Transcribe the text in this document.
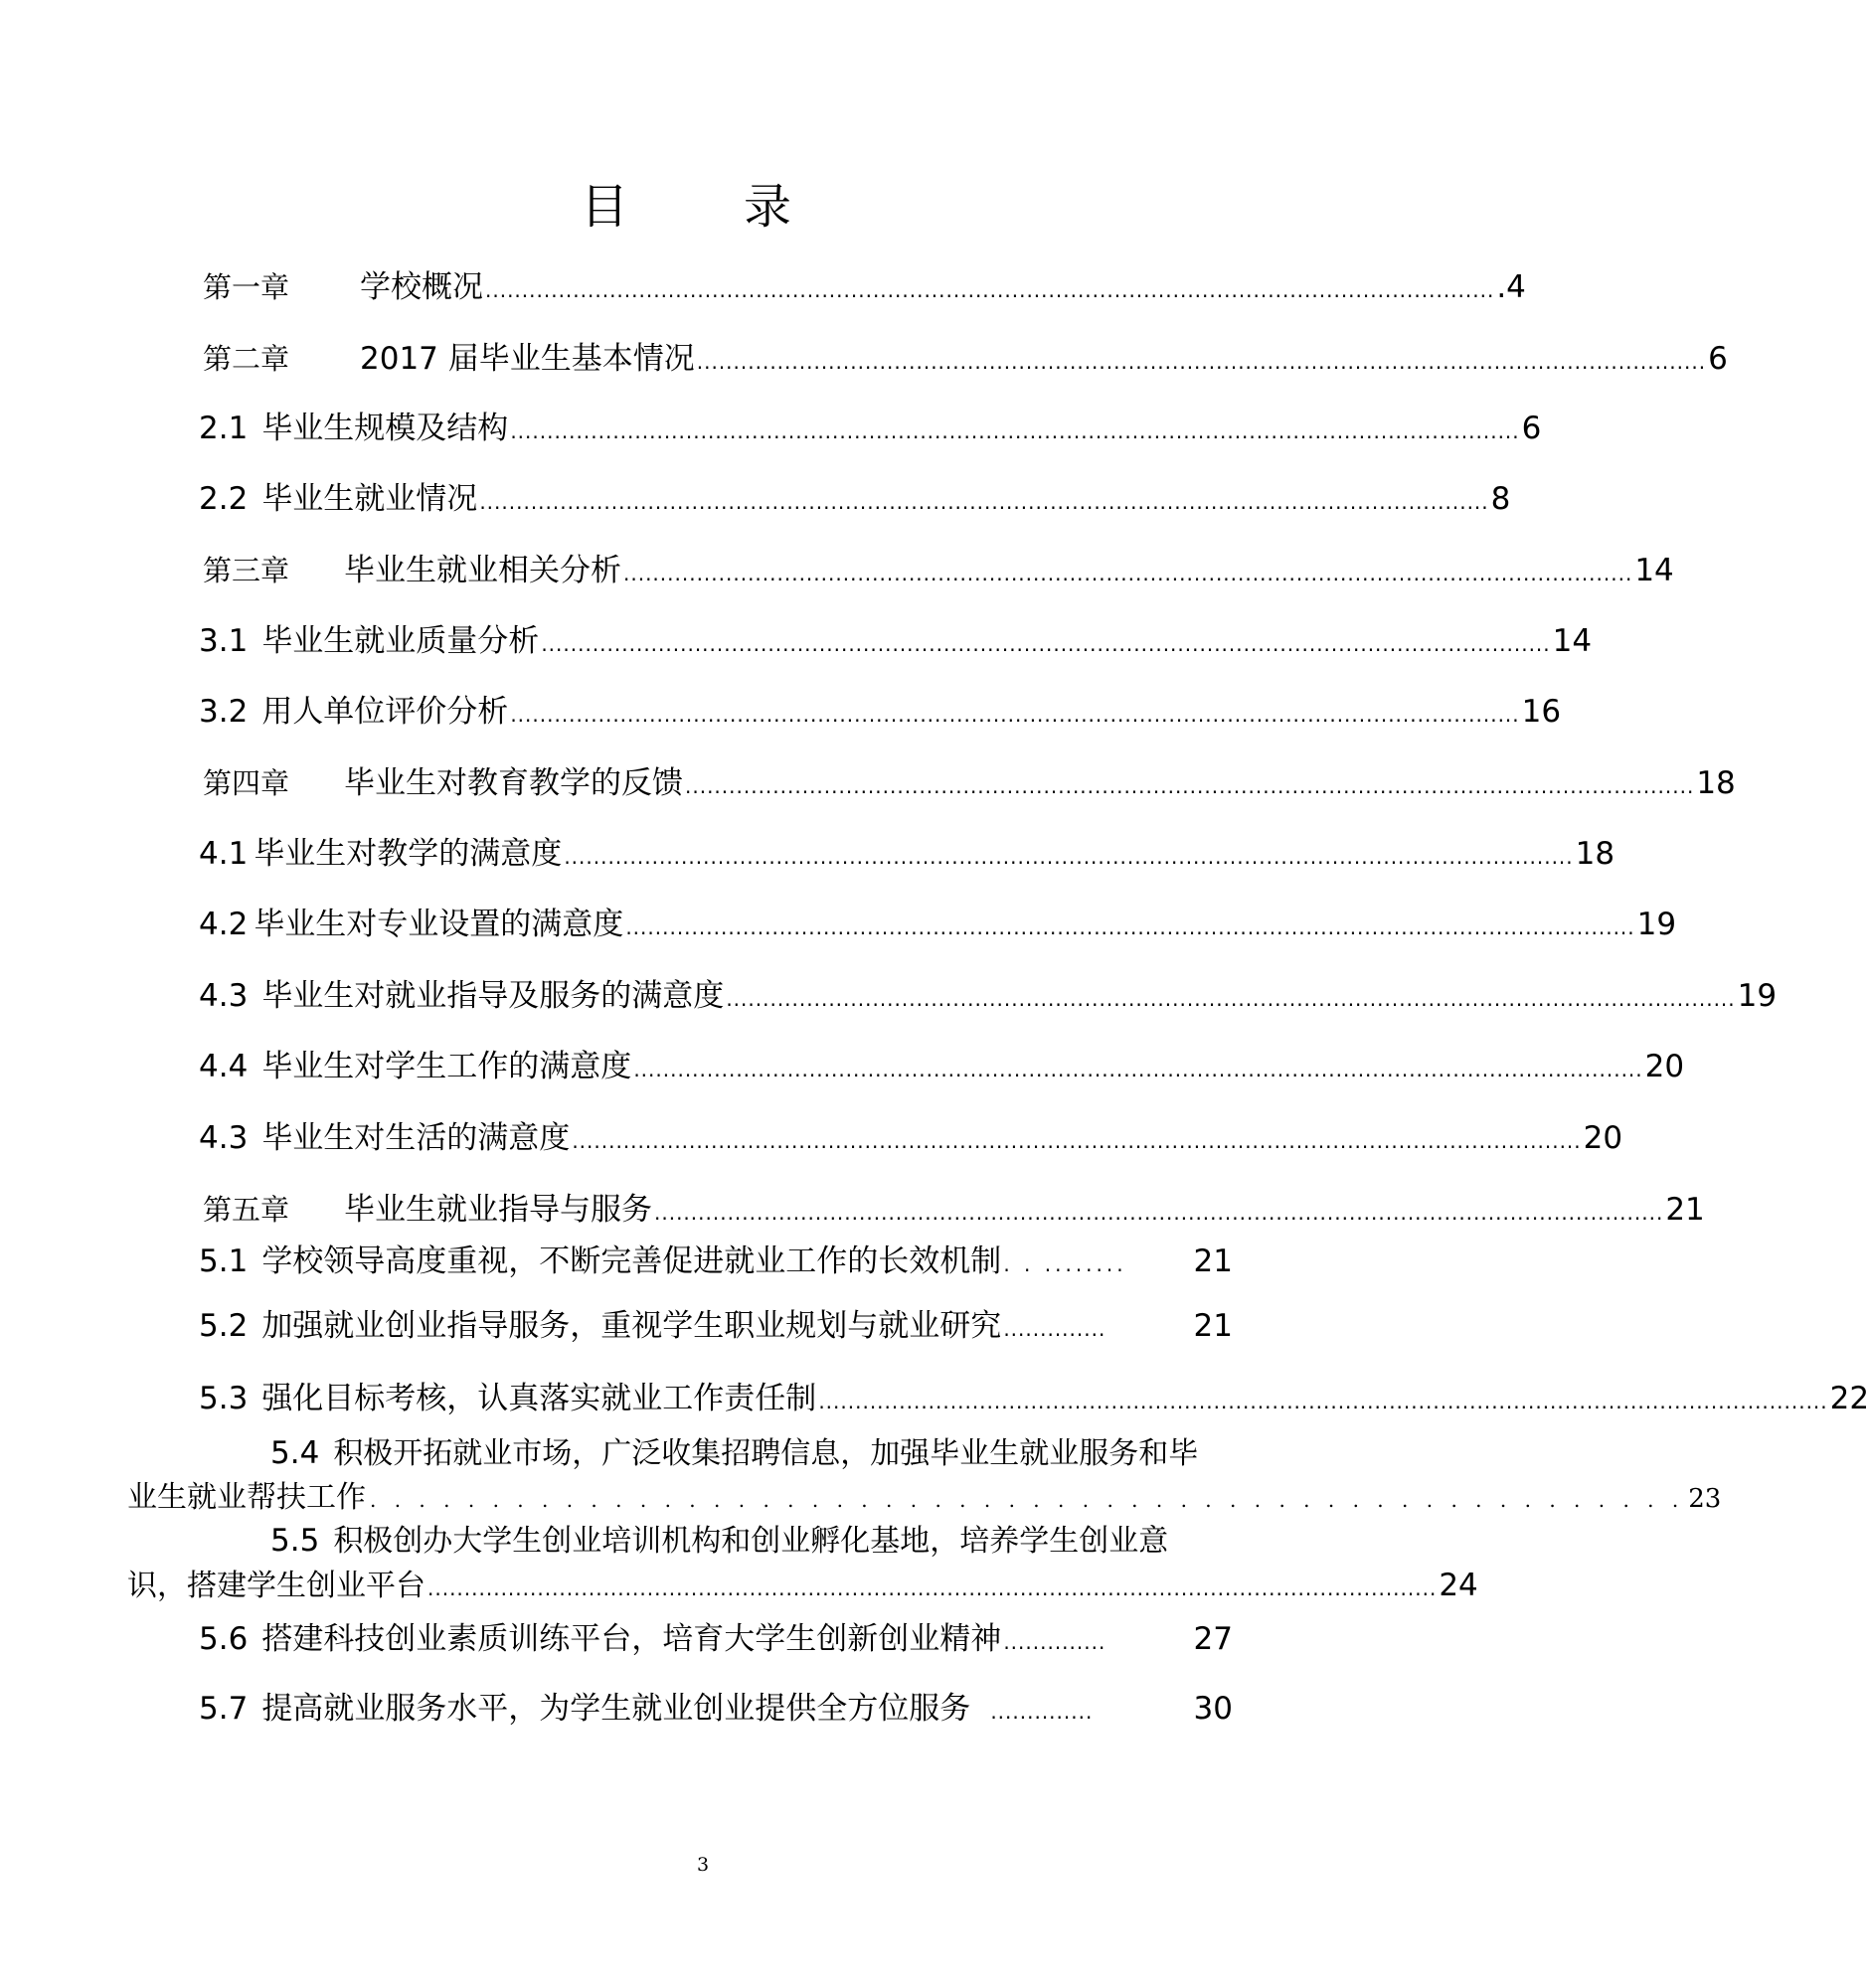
目　录
第一章 学校概况 .......................................................................................................................................... .4
第二章 2017 届毕业生基本情况 .......................................................................................................................................... 6
2.1 毕业生规模及结构 .......................................................................................................................................... 6
2.2 毕业生就业情况 .......................................................................................................................................... 8
第三章 毕业生就业相关分析 .......................................................................................................................................... 14
3.1 毕业生就业质量分析 .......................................................................................................................................... 14
3.2 用人单位评价分析 .......................................................................................................................................... 16
第四章 毕业生对教育教学的反馈 .......................................................................................................................................... 18
4.1 毕业生对教学的满意度 .......................................................................................................................................... 18
4.2 毕业生对专业设置的满意度 .......................................................................................................................................... 19
4.3 毕业生对就业指导及服务的满意度 .......................................................................................................................................... 19
4.4 毕业生对学生工作的满意度 .......................................................................................................................................... 20
4.3 毕业生对生活的满意度 .......................................................................................................................................... 20
第五章 毕业生就业指导与服务 .......................................................................................................................................... 21
5.1 学校领导高度重视，不断完善促进就业工作的长效机制 . . ........	21
5.2 加强就业创业指导服务，重视学生职业规划与就业研究 ..............	21
5.3 强化目标考核，认真落实就业工作责任制 .......................................................................................................................................... 22
5.4 积极开拓就业市场，广泛收集招聘信息，加强毕业生就业服务和毕
业生就业帮扶工作 . . . . . . . . . . . . . . . . . . . . . . . . . . . . . . . . . . . . . . . . . . . . . . . . . . . . . . 23
5.5 积极创办大学生创业培训机构和创业孵化基地，培养学生创业意
识，搭建学生创业平台 .......................................................................................................................................... 24
5.6 搭建科技创业素质训练平台，培育大学生创新创业精神 ..............	27
5.7 提高就业服务水平，为学生就业创业提供全方位服务 ..............	30
3
